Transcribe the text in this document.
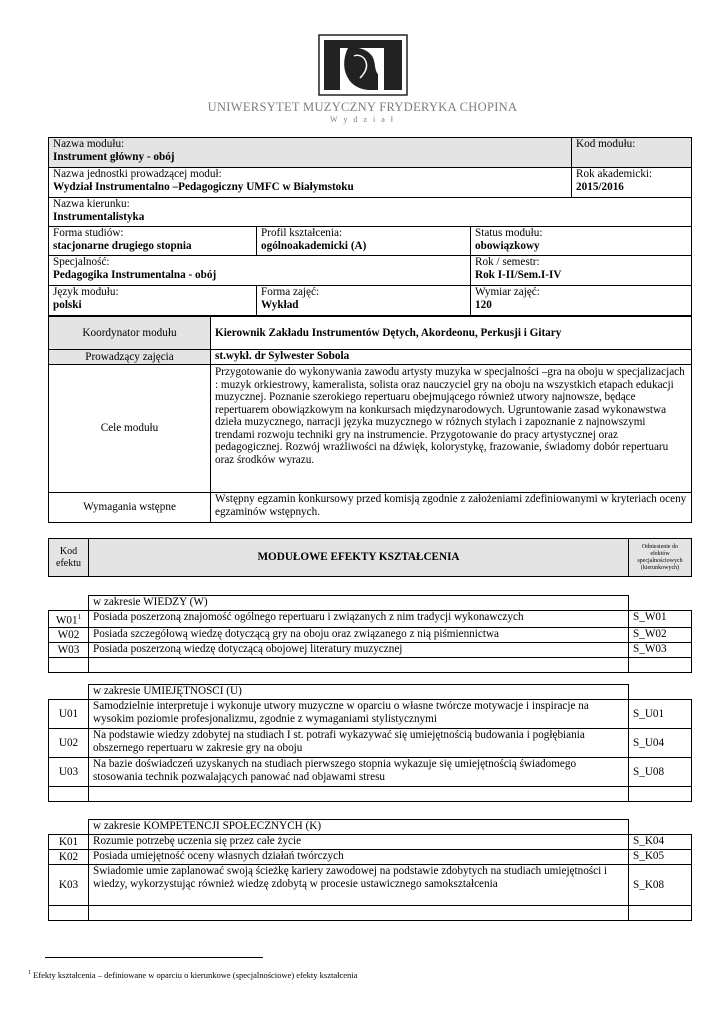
UNIWERSYTET MUZYCZNY FRYDERYKA CHOPINA
W y d z i a ł
Nazwa modułu:
Instrument główny - obój			Kod modułu:

Nazwa jednostki prowadzącej moduł:
Wydział Instrumentalno –Pedagogiczny UMFC w Białymstoku			Rok akademicki:
2015/2016

Nazwa kierunku:
Instrumentalistyka			

Forma studiów:
stacjonarne drugiego stopnia	Profil kształcenia:
ogólnoakademicki (A)	Status modułu:
obowiązkowy	

Specjalność:
Pedagogika Instrumentalna - obój		Rok / semestr:
Rok I-II/Sem.I-IV	

Język modułu:
polski	Forma zajęć:
Wykład	Wymiar zajęć:
120	
Koordynator modułu	Kierownik Zakładu Instrumentów Dętych, Akordeonu, Perkusji i Gitary
Prowadzący zajęcia	st.wykł. dr Sylwester Sobola
Cele modułu	Przygotowanie do wykonywania zawodu artysty muzyka w specjalności –gra na oboju w specjalizacjach : muzyk orkiestrowy, kameralista, solista oraz nauczyciel gry na oboju na wszystkich etapach edukacji muzycznej. Poznanie szerokiego repertuaru obejmującego również utwory najnowsze, będące repertuarem obowiązkowym na konkursach międzynarodowych. Ugruntowanie zasad wykonawstwa dzieła muzycznego, narracji języka muzycznego w różnych stylach i zapoznanie z najnowszymi trendami rozwoju techniki gry na instrumencie. Przygotowanie do pracy artystycznej oraz pedagogicznej. Rozwój wrażliwości na dźwięk, kolorystykę, frazowanie, świadomy dobór repertuaru oraz środków wyrazu.
Wymagania wstępne	Wstępny egzamin konkursowy przed komisją zgodnie z założeniami zdefiniowanymi w kryteriach oceny egzaminów wstępnych.
Kod efektu	MODUŁOWE EFEKTY KSZTAŁCENIA	Odniesienie do efektów specjalnościowych (kierunkowych)
	w zakresie WIEDZY (W)	
$W01^1$	Posiada poszerzoną znajomość ogólnego repertuaru i związanych z nim tradycji wykonawczych	S_W01
W02	Posiada szczegółową wiedzę dotyczącą gry na oboju oraz związanego z nią piśmiennictwa	S_W02
W03	Posiada poszerzoną wiedzę dotyczącą obojowej literatury muzycznej	S_W03

	w zakresie UMIEJĘTNOŚCI (U)	
U01	Samodzielnie interpretuje i wykonuje utwory muzyczne w oparciu o własne twórcze motywacje i inspiracje na wysokim poziomie profesjonalizmu, zgodnie z wymaganiami stylistycznymi	S_U01
U02	Na podstawie wiedzy zdobytej na studiach I st. potrafi wykazywać się umiejętnością budowania i pogłębiania obszernego repertuaru w zakresie gry na oboju	S_U04
U03	Na bazie doświadczeń uzyskanych na studiach pierwszego stopnia wykazuje się umiejętnością świadomego stosowania technik pozwalających panować nad objawami stresu	S_U08

	w zakresie KOMPETENCJI SPOŁECZNYCH (K)	
K01	Rozumie potrzebę uczenia się przez całe życie	S_K04
K02	Posiada umiejętność oceny własnych działań twórczych	S_K05
K03	Świadomie umie zaplanować swoją ścieżkę kariery zawodowej na podstawie zdobytych na studiach umiejętności i wiedzy, wykorzystując również wiedzę zdobytą w procesie ustawicznego samokształcenia	S_K08

$^1$ Efekty kształcenia – definiowane w oparciu o kierunkowe (specjalnościowe) efekty kształcenia
